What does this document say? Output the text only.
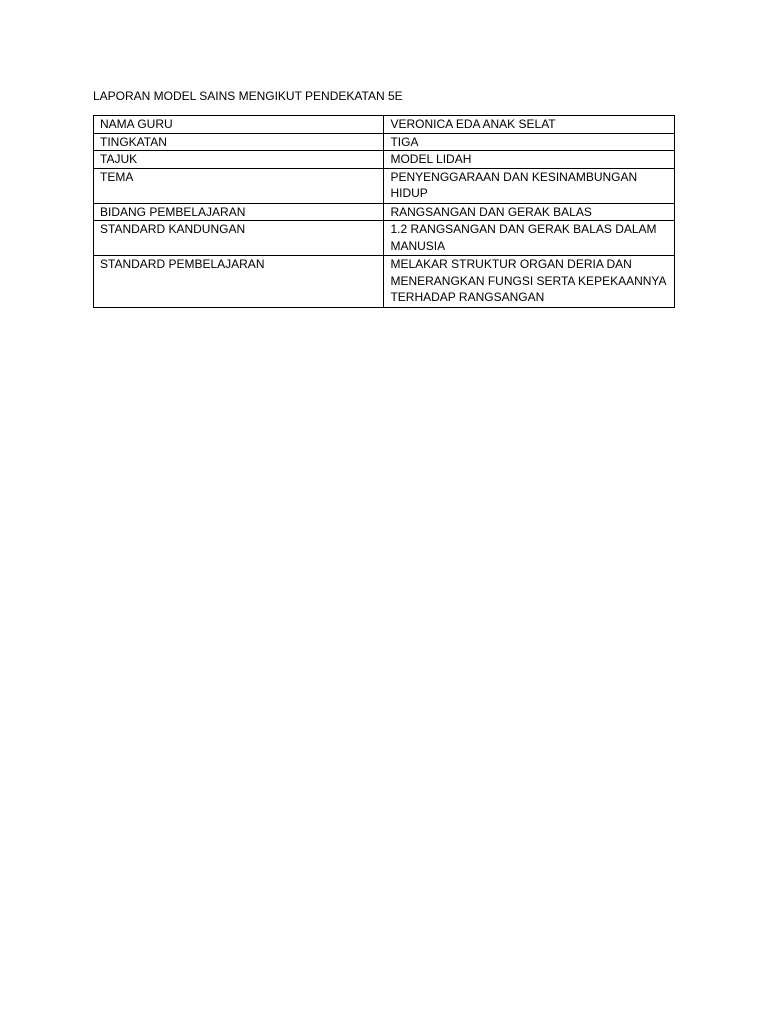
LAPORAN MODEL SAINS MENGIKUT PENDEKATAN 5E
NAMA GURU	VERONICA EDA ANAK SELAT
TINGKATAN	TIGA
TAJUK	MODEL LIDAH
TEMA	PENYENGGARAAN DAN KESINAMBUNGAN HIDUP
BIDANG PEMBELAJARAN	RANGSANGAN DAN GERAK BALAS
STANDARD KANDUNGAN	1.2 RANGSANGAN DAN GERAK BALAS DALAM MANUSIA
STANDARD PEMBELAJARAN	MELAKAR STRUKTUR ORGAN DERIA DAN MENERANGKAN FUNGSI SERTA KEPEKAANNYA TERHADAP RANGSANGAN
